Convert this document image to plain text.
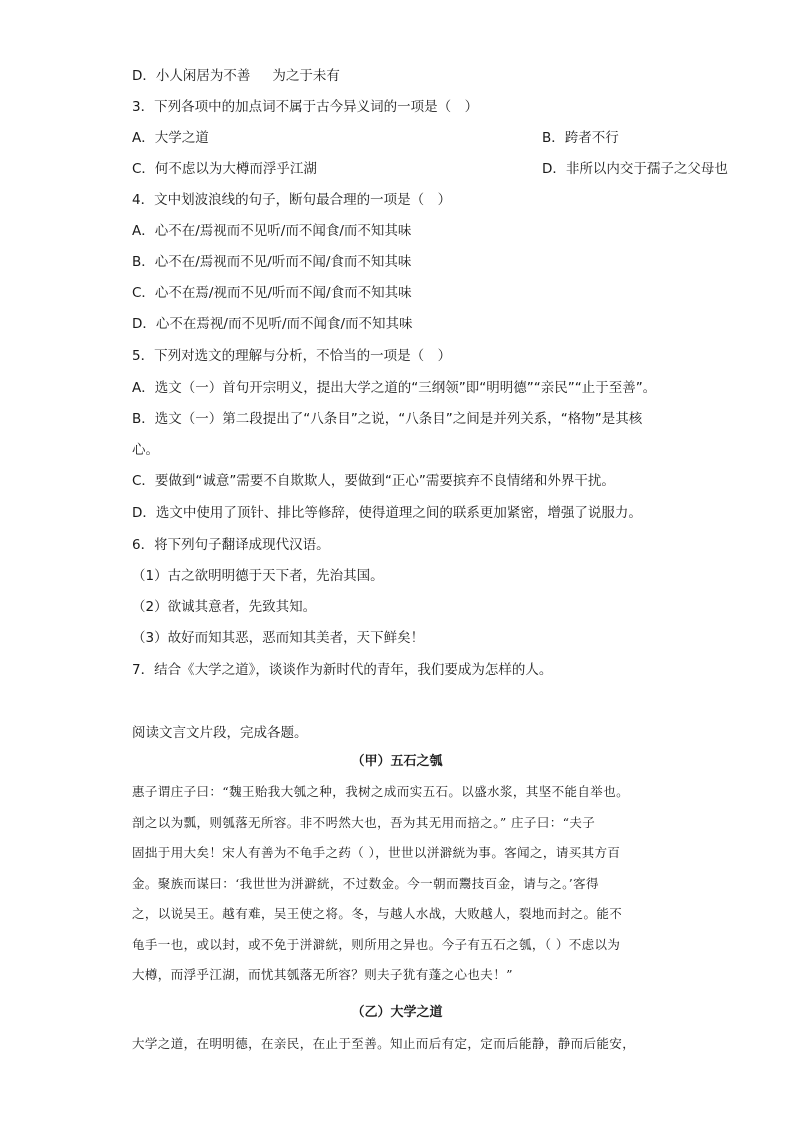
D．小人闲居为不善 为之于未有
3．下列各项中的加点词不属于古今异义词的一项是（　）
A．大学之道	B．跨者不行
C．何不虑以为大樽而浮乎江湖	D．非所以内交于孺子之父母也
4．文中划波浪线的句子，断句最合理的一项是（　）
A．心不在/焉视而不见听/而不闻食/而不知其味
B．心不在/焉视而不见/听而不闻/食而不知其味
C．心不在焉/视而不见/听而不闻/食而不知其味
D．心不在焉视/而不见听/而不闻食/而不知其味
5．下列对选文的理解与分析，不恰当的一项是（　）
A．选文（一）首句开宗明义，提出大学之道的“三纲领”即“明明德”“亲民”“止于至善”。
B．选文（一）第二段提出了“八条目”之说，“八条目”之间是并列关系，“格物”是其核
心。
C．要做到“诚意”需要不自欺欺人，要做到“正心”需要摈弃不良情绪和外界干扰。
D．选文中使用了顶针、排比等修辞，使得道理之间的联系更加紧密，增强了说服力。
6．将下列句子翻译成现代汉语。
（1）古之欲明明德于天下者，先治其国。
（2）欲诚其意者，先致其知。
（3）故好而知其恶，恶而知其美者，天下鲜矣！
7．结合《大学之道》，谈谈作为新时代的青年，我们要成为怎样的人。
阅读文言文片段，完成各题。
（甲）五石之瓠
惠子谓庄子曰：“魏王贻我大瓠之种，我树之成而实五石。以盛水浆，其坚不能自举也。
剖之以为瓢，则瓠落无所容。非不呺然大也，吾为其无用而掊之。” 庄子曰：“夫子
固拙于用大矣！宋人有善为不龟手之药（ ），世世以洴澼絖为事。客闻之，请买其方百
金。聚族而谋曰：‘我世世为洴澼絖，不过数金。今一朝而鬻技百金，请与之。’客得
之，以说吴王。越有难，吴王使之将。冬，与越人水战，大败越人，裂地而封之。能不
龟手一也，或以封，或不免于洴澼絖，则所用之异也。今子有五石之瓠，（ ）不虑以为
大樽，而浮乎江湖，而忧其瓠落无所容？则夫子犹有蓬之心也夫！”
（乙）大学之道
大学之道，在明明德，在亲民，在止于至善。知止而后有定，定而后能静，静而后能安，
